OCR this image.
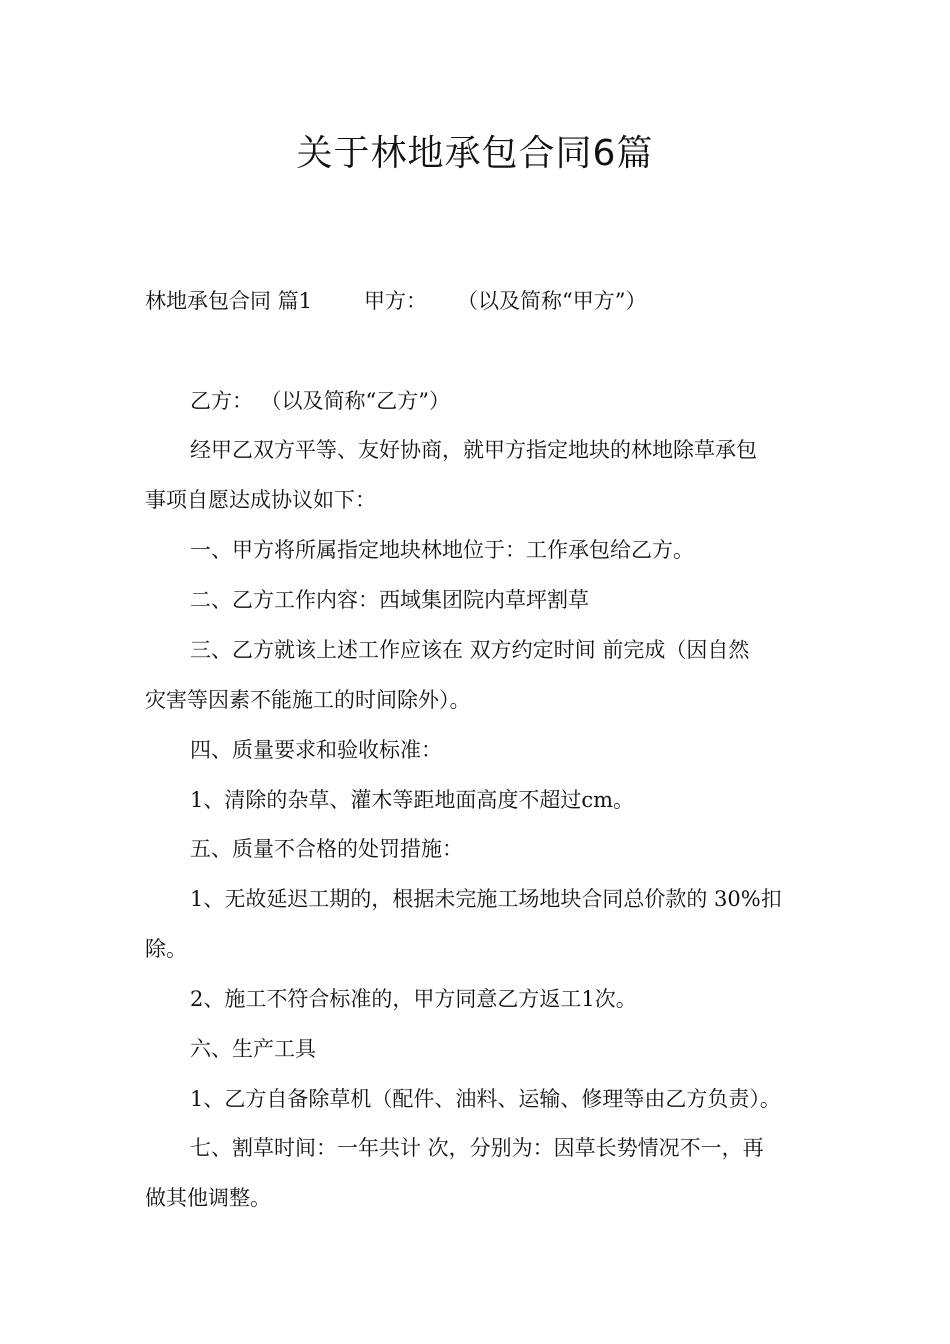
关于林地承包合同6篇

林地承包合同 篇1 甲方： （以及简称“甲方”）

乙方： （以及简称“乙方”）

经甲乙双方平等、友好协商，就甲方指定地块的林地除草承包

事项自愿达成协议如下：

一、甲方将所属指定地块林地位于：工作承包给乙方。

二、乙方工作内容：西域集团院内草坪割草

三、乙方就该上述工作应该在 双方约定时间 前完成（因自然

灾害等因素不能施工的时间除外）。

四、质量要求和验收标准：

1、清除的杂草、灌木等距地面高度不超过cm。

五、质量不合格的处罚措施：

1、无故延迟工期的，根据未完施工场地块合同总价款的 30%扣

除。

2、施工不符合标准的，甲方同意乙方返工1次。

六、生产工具

1、乙方自备除草机（配件、油料、运输、修理等由乙方负责）。

七、割草时间：一年共计 次，分别为：因草长势情况不一，再

做其他调整。
